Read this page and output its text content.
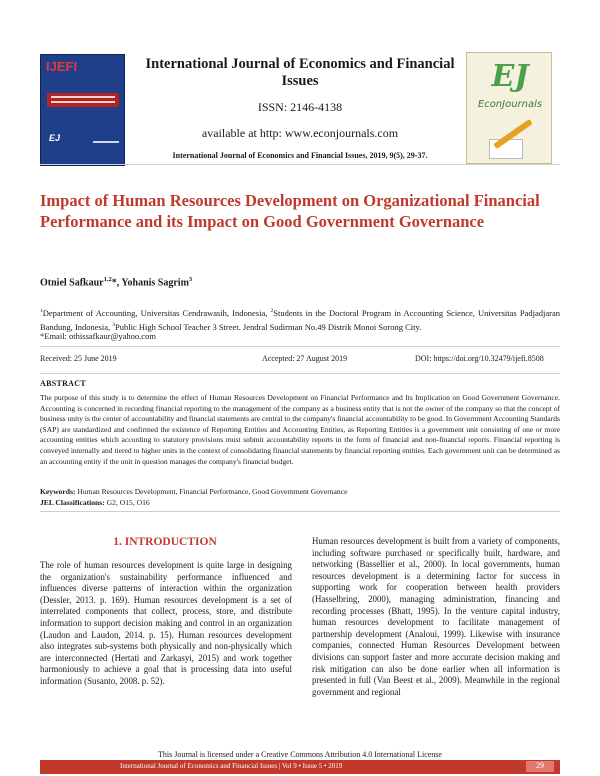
IJEFI
EJ
International Journal of Economics and Financial Issues
ISSN: 2146-4138
available at http: www.econjournals.com
International Journal of Economics and Financial Issues, 2019, 9(5), 29-37.
EJ
EconJournals
Impact of Human Resources Development on Organizational Financial Performance and its Impact on Good Government Governance
Otniel Safkaur$^{1,2}$*, Yohanis Sagrim$^3$
$^1$Department of Accounting, Universitas Cendrawasih, Indonesia, $^2$Students in the Doctoral Program in Accounting Science, Universitas Padjadjaran Bandung, Indonesia, $^3$Public High School Teacher 3 Street. Jendral Sudirman No.49 Distrik Monoi Sorong City.
*Email: othissafkaur@yahoo.com
Received: 25 June 2019	Accepted: 27 August 2019	DOI: https://doi.org/10.32479/ijefi.8508
ABSTRACT
The purpose of this study is to determine the effect of Human Resources Development on Financial Performance and Its Implication on Good Government Governance. Accounting is concerned in recording financial reporting to the management of the company as a business entity that is not the owner of the company so that the concept of business unity is the center of accountability and financial statements are central to the company's financial accountability to be good. In Government Accounting Standards (SAP) are standardized and confirmed the existence of Reporting Entities and Accounting Entities, as Reporting Entities is a government unit consisting of one or more accounting entities which according to statutory provisions must submit accountability reports in the form of financial and non-financial reports. Financial reporting is conveyed internally and tiered to higher units in the context of consolidating financial statements by financial reporting entities. Each government unit can be determined as an accounting entity if the unit in question manages the company's financial budget.
Keywords: Human Resources Development, Financial Performance, Good Government Governance
JEL Classifications: G2, O15, O16
1. INTRODUCTION
The role of human resources development is quite large in designing the organization's sustainability performance influenced and influences diverse patterns of interaction within the organization (Dessler, 2013. p. 169). Human resources development is a set of interrelated components that collect, process, store, and distribute information to support decision making and control in an organization (Laudon and Laudon, 2014. p. 15). Human resources development also integrates sub-systems both physically and non-physically which are interconnected (Hertati and Zarkasyi, 2015) and work together harmoniously to achieve a goal that is processing data into useful information (Susanto, 2008. p. 52).
Human resources development is built from a variety of components, including software purchased or specifically built, hardware, and networking (Bassellier et al., 2000). In local governments, human resources development is a determining factor for success in supporting work for cooperation between health providers (Hasselbring, 2000), managing administration, financing and recording processes (Bhatt, 1995). In the venture capital industry, human resources development to facilitate management of partnership development (Analoui, 1999). Likewise with insurance companies, connected Human Resources Development between divisions can support faster and more accurate decision making and risk mitigation can also be done earlier when all information is presented in full (Van Beest et al., 2009). Meanwhile in the regional government and regional
This Journal is licensed under a Creative Commons Attribution 4.0 International License
International Journal of Economics and Financial Issues | Vol 9 • Issue 5 • 2019	29
